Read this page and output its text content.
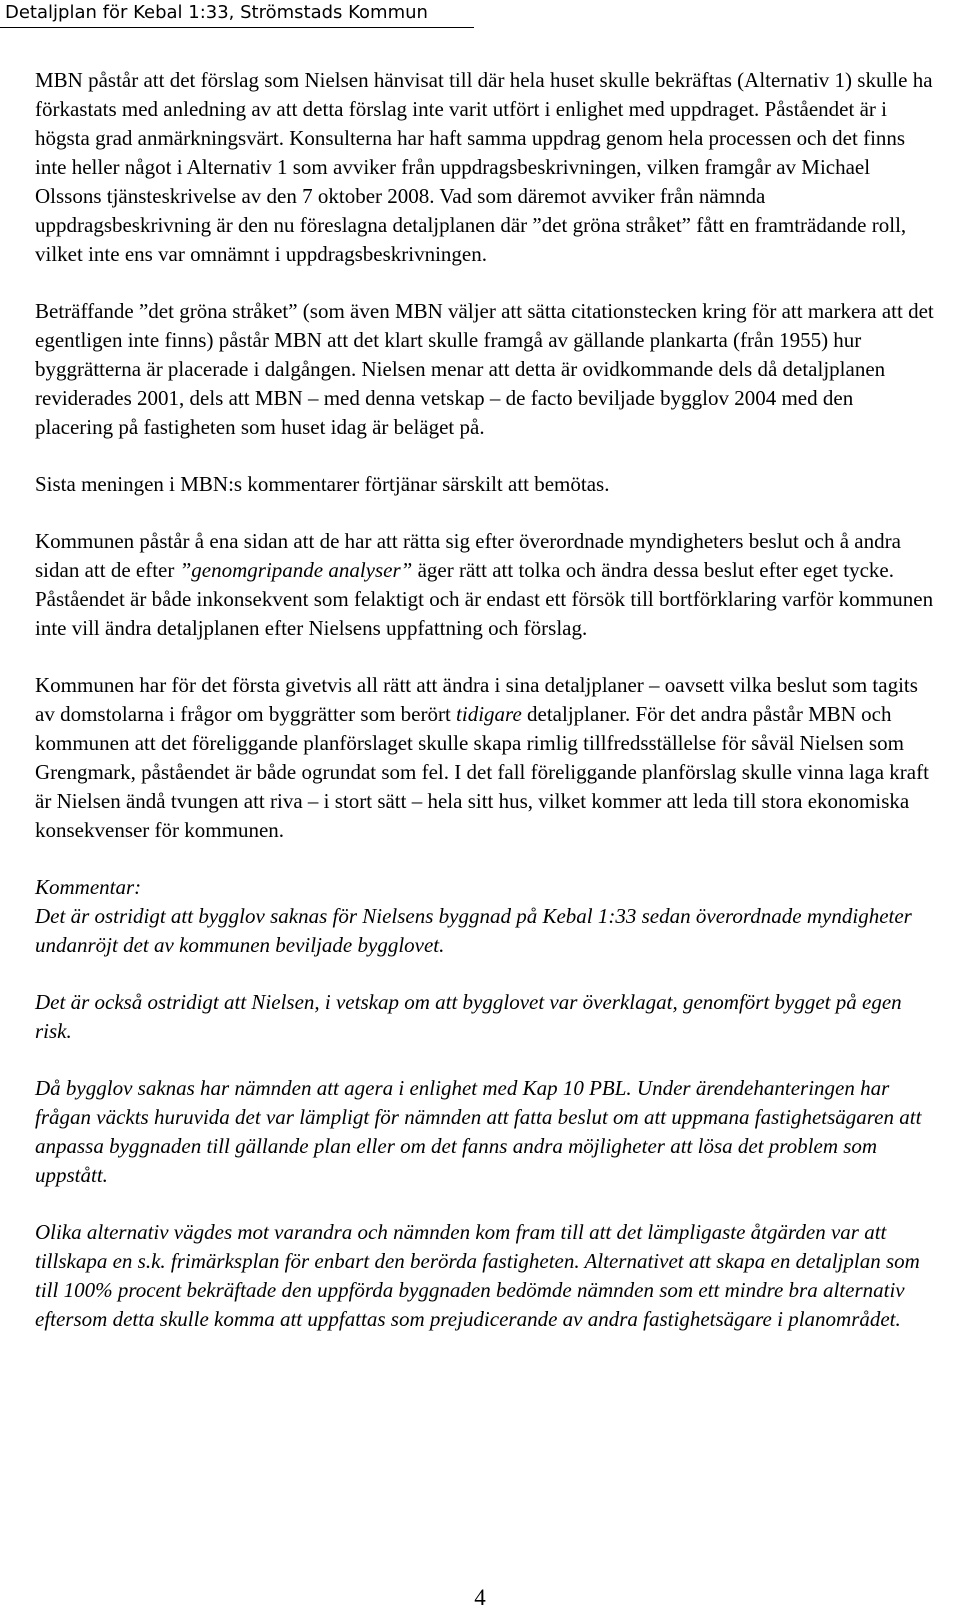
Detaljplan för Kebal 1:33, Strömstads Kommun

MBN påstår att det förslag som Nielsen hänvisat till där hela huset skulle bekräftas (Alternativ 1) skulle ha förkastats med anledning av att detta förslag inte varit utfört i enlighet med uppdraget. Påståendet är i högsta grad anmärkningsvärt. Konsulterna har haft samma uppdrag genom hela processen och det finns inte heller något i Alternativ 1 som avviker från uppdragsbeskrivningen, vilken framgår av Michael Olssons tjänsteskrivelse av den 7 oktober 2008. Vad som däremot avviker från nämnda uppdragsbeskrivning är den nu föreslagna detaljplanen där ”det gröna stråket” fått en framträdande roll, vilket inte ens var omnämnt i uppdragsbeskrivningen.

Beträffande ”det gröna stråket” (som även MBN väljer att sätta citationstecken kring för att markera att det egentligen inte finns) påstår MBN att det klart skulle framgå av gällande plankarta (från 1955) hur byggrätterna är placerade i dalgången. Nielsen menar att detta är ovidkommande dels då detaljplanen reviderades 2001, dels att MBN – med denna vetskap – de facto beviljade bygglov 2004 med den placering på fastigheten som huset idag är beläget på.

Sista meningen i MBN:s kommentarer förtjänar särskilt att bemötas.

Kommunen påstår å ena sidan att de har att rätta sig efter överordnade myndigheters beslut och å andra sidan att de efter ”genomgripande analyser” äger rätt att tolka och ändra dessa beslut efter eget tycke. Påståendet är både inkonsekvent som felaktigt och är endast ett försök till bortförklaring varför kommunen inte vill ändra detaljplanen efter Nielsens uppfattning och förslag.

Kommunen har för det första givetvis all rätt att ändra i sina detaljplaner – oavsett vilka beslut som tagits av domstolarna i frågor om byggrätter som berört tidigare detaljplaner. För det andra påstår MBN och kommunen att det föreliggande planförslaget skulle skapa rimlig tillfredsställelse för såväl Nielsen som Grengmark, påståendet är både ogrundat som fel. I det fall föreliggande planförslag skulle vinna laga kraft är Nielsen ändå tvungen att riva – i stort sätt – hela sitt hus, vilket kommer att leda till stora ekonomiska konsekvenser för kommunen.

Kommentar:
Det är ostridigt att bygglov saknas för Nielsens byggnad på Kebal 1:33 sedan överordnade myndigheter undanröjt det av kommunen beviljade bygglovet.

Det är också ostridigt att Nielsen, i vetskap om att bygglovet var överklagat, genomfört bygget på egen risk.

Då bygglov saknas har nämnden att agera i enlighet med Kap 10 PBL. Under ärendehanteringen har frågan väckts huruvida det var lämpligt för nämnden att fatta beslut om att uppmana fastighetsägaren att anpassa byggnaden till gällande plan eller om det fanns andra möjligheter att lösa det problem som uppstått.

Olika alternativ vägdes mot varandra och nämnden kom fram till att det lämpligaste åtgärden var att tillskapa en s.k. frimärksplan för enbart den berörda fastigheten. Alternativet att skapa en detaljplan som till 100% procent bekräftade den uppförda byggnaden bedömde nämnden som ett mindre bra alternativ eftersom detta skulle komma att uppfattas som prejudicerande av andra fastighetsägare i planområdet.

4
